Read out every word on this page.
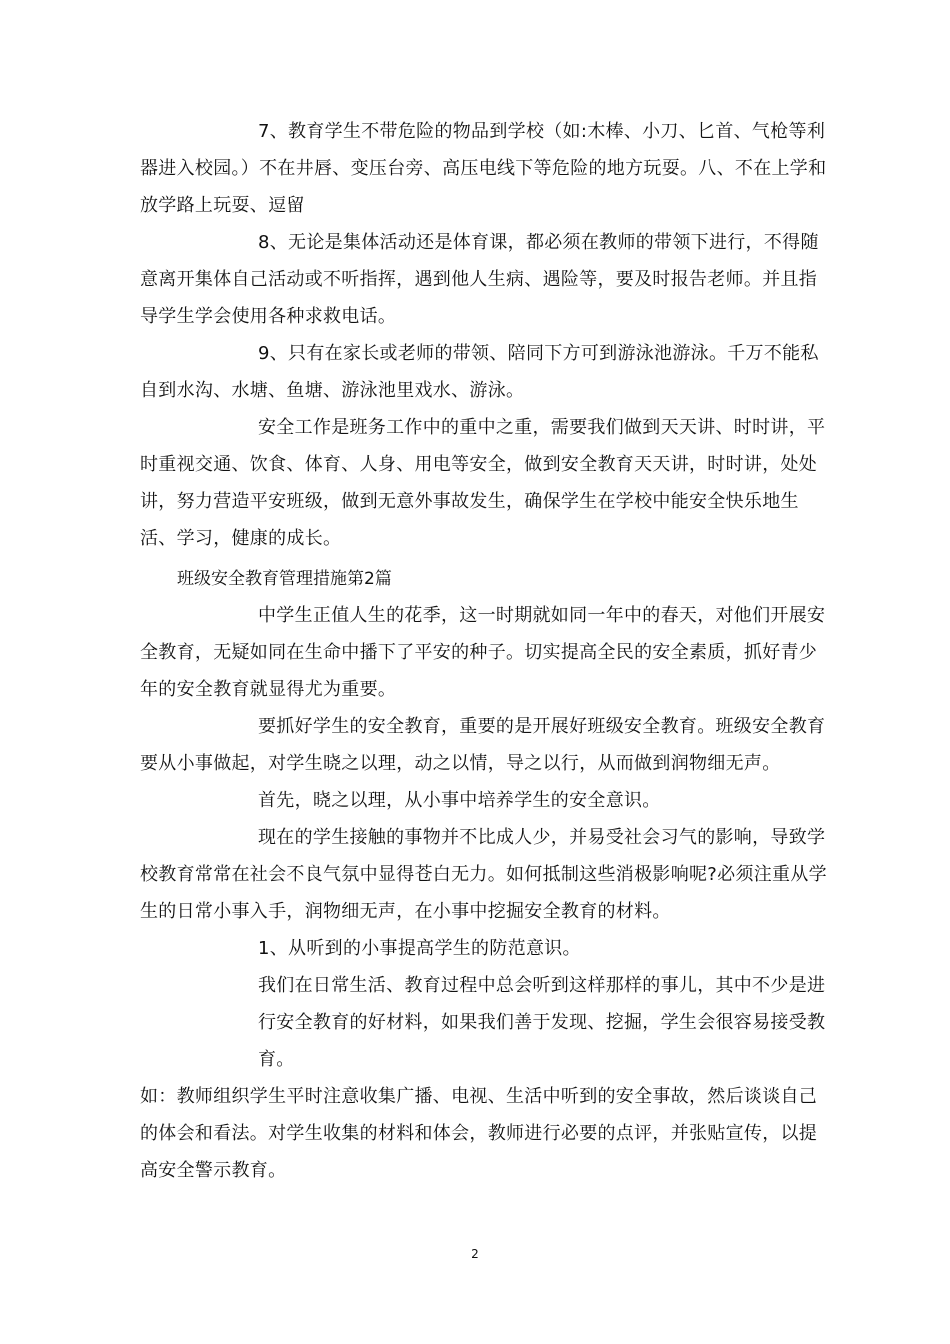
7、教育学生不带危险的物品到学校（如:木棒、小刀、匕首、气枪等利器进入校园。）不在井唇、变压台旁、高压电线下等危险的地方玩耍。八、不在上学和放学路上玩耍、逗留

8、无论是集体活动还是体育课，都必须在教师的带领下进行，不得随意离开集体自己活动或不听指挥，遇到他人生病、遇险等，要及时报告老师。并且指导学生学会使用各种求救电话。

9、只有在家长或老师的带领、陪同下方可到游泳池游泳。千万不能私自到水沟、水塘、鱼塘、游泳池里戏水、游泳。

安全工作是班务工作中的重中之重，需要我们做到天天讲、时时讲，平时重视交通、饮食、体育、人身、用电等安全，做到安全教育天天讲，时时讲，处处讲，努力营造平安班级，做到无意外事故发生，确保学生在学校中能安全快乐地生活、学习，健康的成长。

班级安全教育管理措施第2篇

中学生正值人生的花季，这一时期就如同一年中的春天，对他们开展安全教育，无疑如同在生命中播下了平安的种子。切实提高全民的安全素质，抓好青少年的安全教育就显得尤为重要。

要抓好学生的安全教育，重要的是开展好班级安全教育。班级安全教育要从小事做起，对学生晓之以理，动之以情，导之以行，从而做到润物细无声。

首先，晓之以理，从小事中培养学生的安全意识。

现在的学生接触的事物并不比成人少，并易受社会习气的影响，导致学校教育常常在社会不良气氛中显得苍白无力。如何抵制这些消极影响呢?必须注重从学生的日常小事入手，润物细无声，在小事中挖掘安全教育的材料。

1、从听到的小事提高学生的防范意识。

我们在日常生活、教育过程中总会听到这样那样的事儿，其中不少是进行安全教育的好材料，如果我们善于发现、挖掘，学生会很容易接受教育。

如：教师组织学生平时注意收集广播、电视、生活中听到的安全事故，然后谈谈自己的体会和看法。对学生收集的材料和体会，教师进行必要的点评，并张贴宣传，以提高安全警示教育。

2
